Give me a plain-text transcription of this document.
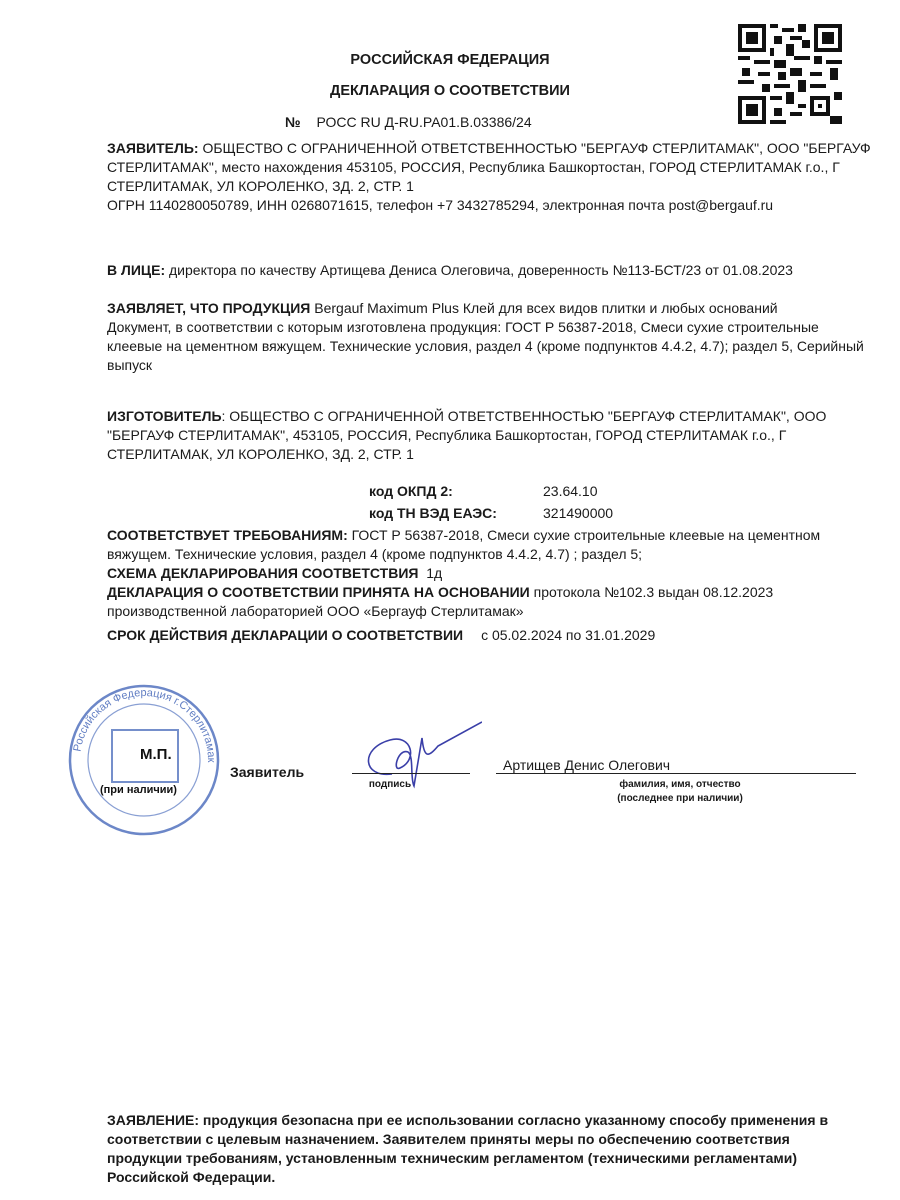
РОССИЙСКАЯ ФЕДЕРАЦИЯ
ДЕКЛАРАЦИЯ О СООТВЕТСТВИИ
№ РОСС RU Д-RU.PA01.B.03386/24
ЗАЯВИТЕЛЬ: ОБЩЕСТВО С ОГРАНИЧЕННОЙ ОТВЕТСТВЕННОСТЬЮ "БЕРГАУФ СТЕРЛИТАМАК", ООО "БЕРГАУФ СТЕРЛИТАМАК", место нахождения 453105, РОССИЯ, Республика Башкортостан, ГОРОД СТЕРЛИТАМАК г.о., Г СТЕРЛИТАМАК, УЛ КОРОЛЕНКО, ЗД. 2, СТР. 1
ОГРН 1140280050789, ИНН 0268071615, телефон +7 3432785294, электронная почта post@bergauf.ru
В ЛИЦЕ: директора по качеству Артищева Дениса Олеговича, доверенность №113-БСТ/23 от 01.08.2023
ЗАЯВЛЯЕТ, ЧТО ПРОДУКЦИЯ Bergauf Maximum Plus Клей для всех видов плитки и любых оснований
Документ, в соответствии с которым изготовлена продукция: ГОСТ Р 56387-2018, Смеси сухие строительные клеевые на цементном вяжущем. Технические условия, раздел 4 (кроме подпунктов 4.4.2, 4.7); раздел 5, Серийный выпуск
ИЗГОТОВИТЕЛЬ: ОБЩЕСТВО С ОГРАНИЧЕННОЙ ОТВЕТСТВЕННОСТЬЮ "БЕРГАУФ СТЕРЛИТАМАК", ООО "БЕРГАУФ СТЕРЛИТАМАК", 453105, РОССИЯ, Республика Башкортостан, ГОРОД СТЕРЛИТАМАК г.о., Г СТЕРЛИТАМАК, УЛ КОРОЛЕНКО, ЗД. 2, СТР. 1
код ОКПД 2:	23.64.10
код ТН ВЭД ЕАЭС:	321490000
СООТВЕТСТВУЕТ ТРЕБОВАНИЯМ: ГОСТ Р 56387-2018, Смеси сухие строительные клеевые на цементном вяжущем. Технические условия, раздел 4 (кроме подпунктов 4.4.2, 4.7) ; раздел 5;
СХЕМА ДЕКЛАРИРОВАНИЯ СООТВЕТСТВИЯ  1д
ДЕКЛАРАЦИЯ О СООТВЕТСТВИИ ПРИНЯТА НА ОСНОВАНИИ протокола №102.3 выдан 08.12.2023 производственной лабораторией ООО «Бергауф Стерлитамак»
СРОК ДЕЙСТВИЯ ДЕКЛАРАЦИИ О СООТВЕТСТВИИ с 05.02.2024 по 31.01.2029
Российская Федерация г.Стерлитамак
М.П.
(при наличии)
Заявитель
подпись
Артищев Денис Олегович
фамилия, имя, отчество
(последнее при наличии)
ЗАЯВЛЕНИЕ: продукция безопасна при ее использовании согласно указанному способу применения в соответствии с целевым назначением. Заявителем приняты меры по обеспечению соответствия продукции требованиям, установленным техническим регламентом (техническими регламентами) Российской Федерации.
